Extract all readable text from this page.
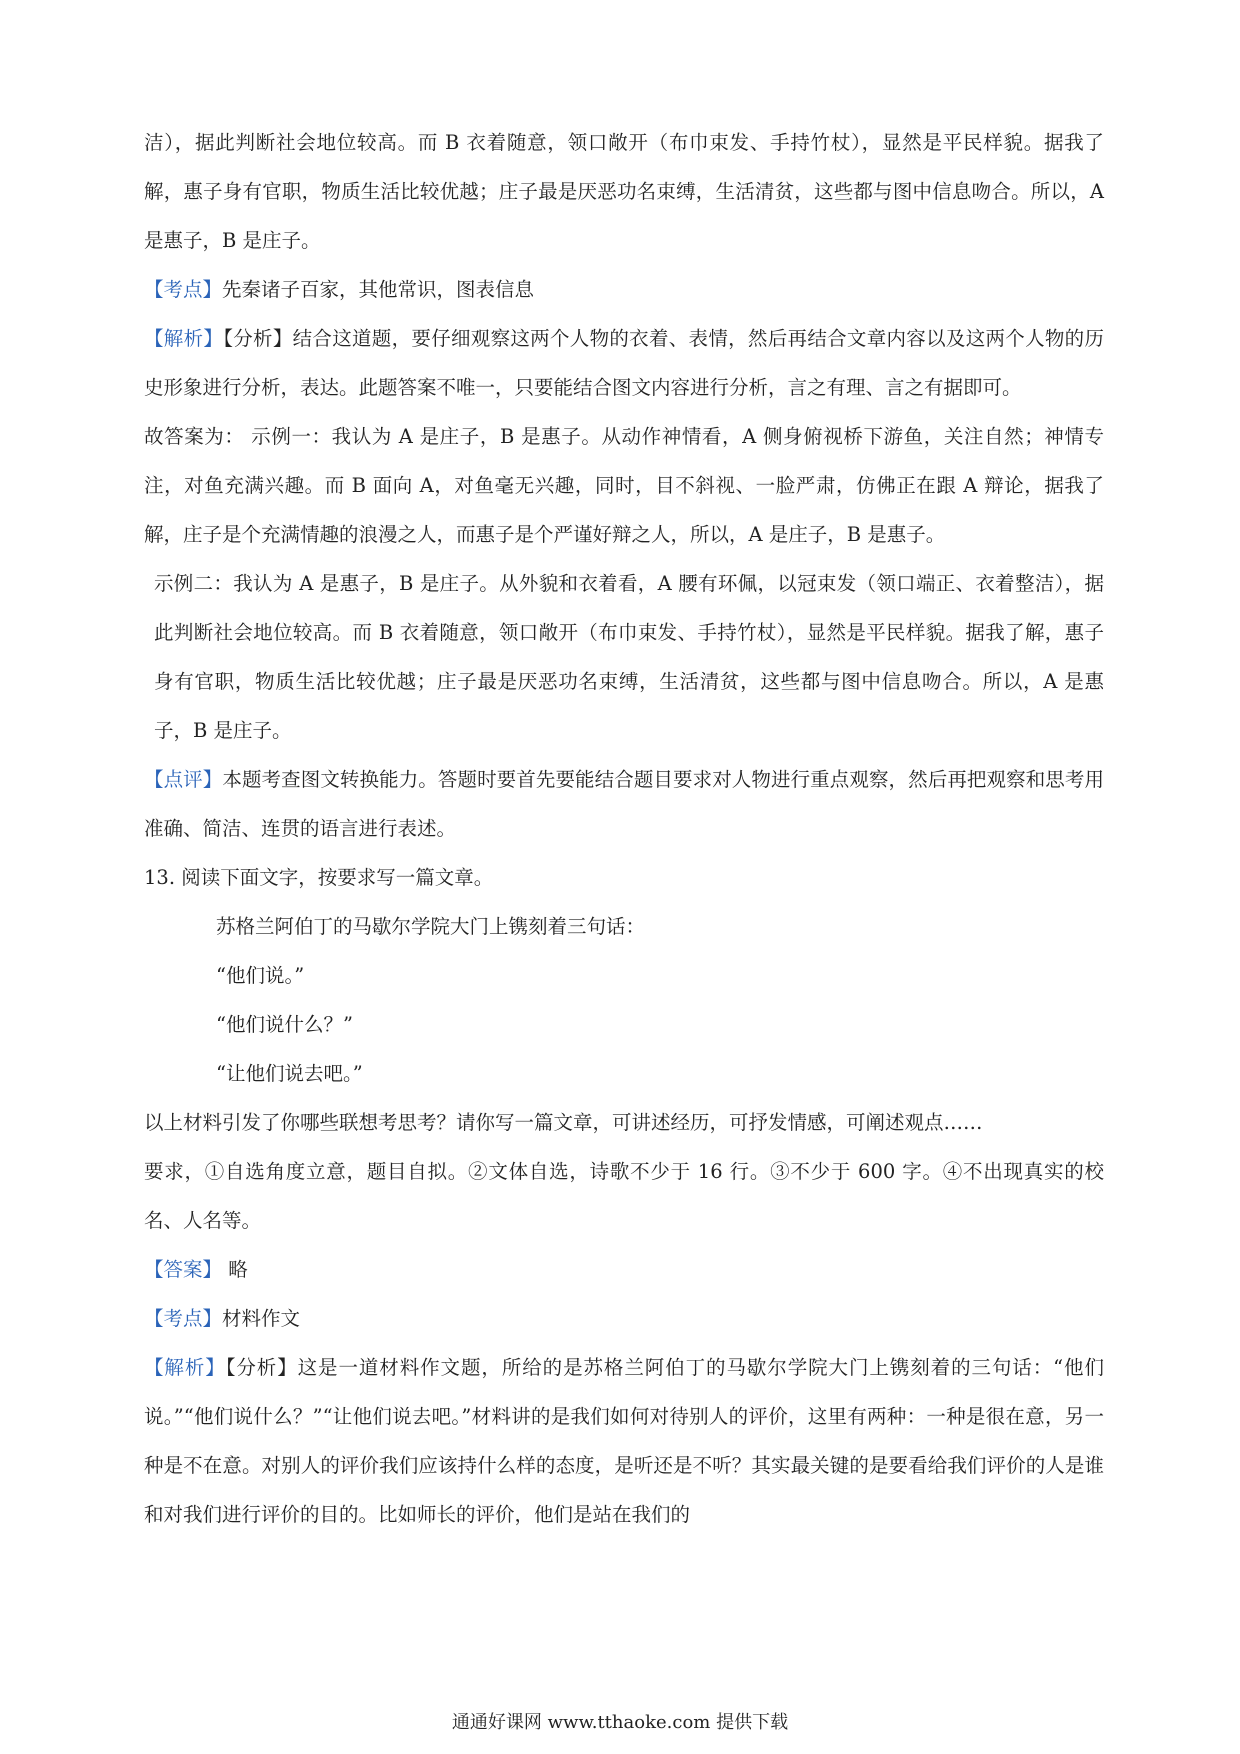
洁），据此判断社会地位较高。而 B 衣着随意，领口敞开（布巾束发、手持竹杖），显然是平民样貌。据我了解，惠子身有官职，物质生活比较优越；庄子最是厌恶功名束缚，生活清贫，这些都与图中信息吻合。所以，A 是惠子，B 是庄子。

【考点】先秦诸子百家，其他常识，图表信息

【解析】【分析】结合这道题，要仔细观察这两个人物的衣着、表情，然后再结合文章内容以及这两个人物的历史形象进行分析，表达。此题答案不唯一，只要能结合图文内容进行分析，言之有理、言之有据即可。

故答案为： 示例一：我认为 A 是庄子，B 是惠子。从动作神情看，A 侧身俯视桥下游鱼，关注自然；神情专注，对鱼充满兴趣。而 B 面向 A，对鱼毫无兴趣，同时，目不斜视、一脸严肃，仿佛正在跟 A 辩论，据我了解，庄子是个充满情趣的浪漫之人，而惠子是个严谨好辩之人，所以，A 是庄子，B 是惠子。

示例二：我认为 A 是惠子，B 是庄子。从外貌和衣着看，A 腰有环佩，以冠束发（领口端正、衣着整洁），据此判断社会地位较高。而 B 衣着随意，领口敞开（布巾束发、手持竹杖），显然是平民样貌。据我了解，惠子身有官职，物质生活比较优越；庄子最是厌恶功名束缚，生活清贫，这些都与图中信息吻合。所以，A 是惠子，B 是庄子。

【点评】本题考查图文转换能力。答题时要首先要能结合题目要求对人物进行重点观察，然后再把观察和思考用准确、简洁、连贯的语言进行表述。

13. 阅读下面文字，按要求写一篇文章。

苏格兰阿伯丁的马歇尔学院大门上镌刻着三句话：

“他们说。”

“他们说什么？”

“让他们说去吧。”

以上材料引发了你哪些联想考思考？请你写一篇文章，可讲述经历，可抒发情感，可阐述观点……

要求，①自选角度立意，题目自拟。②文体自选，诗歌不少于 16 行。③不少于 600 字。④不出现真实的校名、人名等。

【答案】 略

【考点】材料作文

【解析】【分析】这是一道材料作文题，所给的是苏格兰阿伯丁的马歇尔学院大门上镌刻着的三句话：“他们说。”“他们说什么？”“让他们说去吧。”材料讲的是我们如何对待别人的评价，这里有两种：一种是很在意，另一种是不在意。对别人的评价我们应该持什么样的态度，是听还是不听？其实最关键的是要看给我们评价的人是谁和对我们进行评价的目的。比如师长的评价，他们是站在我们的

通通好课网 www.tthaoke.com 提供下载
